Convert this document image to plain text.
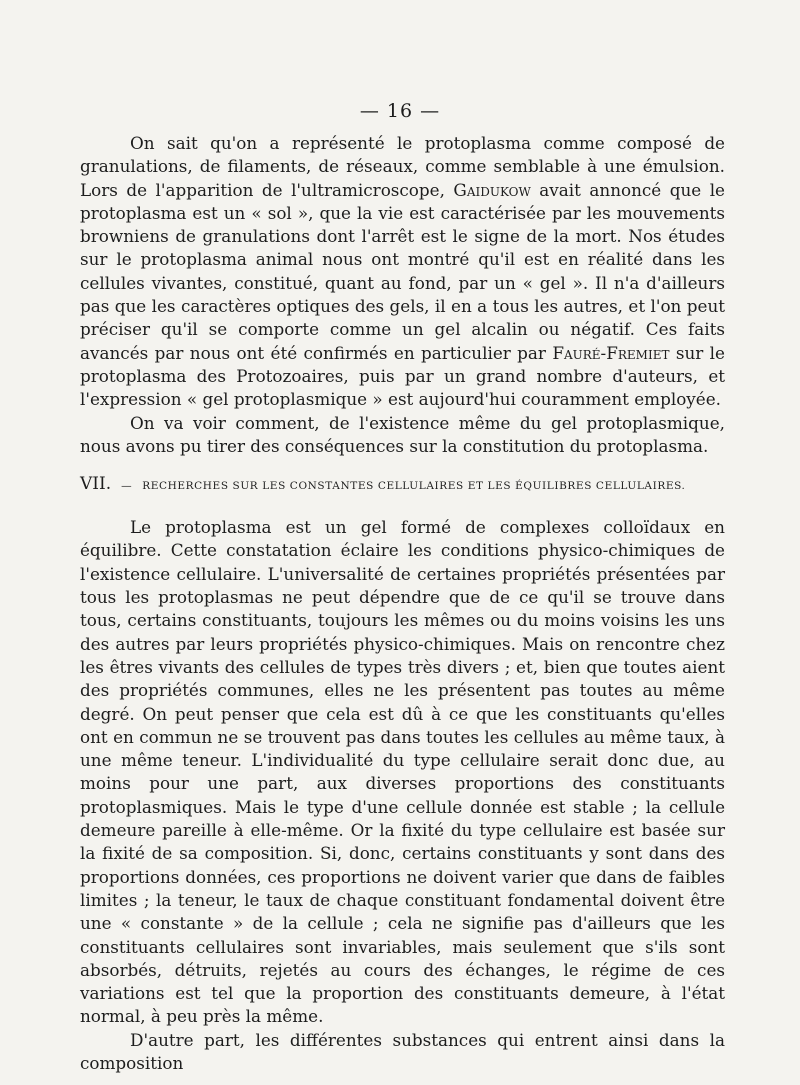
— 16 —

On sait qu'on a représenté le protoplasma comme composé de granulations, de filaments, de réseaux, comme semblable à une émulsion. Lors de l'apparition de l'ultramicroscope, Gaidukow avait annoncé que le protoplasma est un « sol », que la vie est caractérisée par les mouvements browniens de granulations dont l'arrêt est le signe de la mort. Nos études sur le protoplasma animal nous ont montré qu'il est en réalité dans les cellules vivantes, constitué, quant au fond, par un « gel ». Il n'a d'ailleurs pas que les caractères optiques des gels, il en a tous les autres, et l'on peut préciser qu'il se comporte comme un gel alcalin ou négatif. Ces faits avancés par nous ont été confirmés en particulier par Fauré-Fremiet sur le protoplasma des Protozoaires, puis par un grand nombre d'auteurs, et l'expression « gel protoplasmique » est aujourd'hui couramment employée.

On va voir comment, de l'existence même du gel protoplasmique, nous avons pu tirer des conséquences sur la constitution du protoplasma.

VII. — RECHERCHES SUR LES CONSTANTES CELLULAIRES ET LES ÉQUILIBRES CELLULAIRES.

Le protoplasma est un gel formé de complexes colloïdaux en équilibre. Cette constatation éclaire les conditions physico-chimiques de l'existence cellulaire. L'universalité de certaines propriétés présentées par tous les protoplasmas ne peut dépendre que de ce qu'il se trouve dans tous, certains constituants, toujours les mêmes ou du moins voisins les uns des autres par leurs propriétés physico-chimiques. Mais on rencontre chez les êtres vivants des cellules de types très divers ; et, bien que toutes aient des propriétés communes, elles ne les présentent pas toutes au même degré. On peut penser que cela est dû à ce que les constituants qu'elles ont en commun ne se trouvent pas dans toutes les cellules au même taux, à une même teneur. L'individualité du type cellulaire serait donc due, au moins pour une part, aux diverses proportions des constituants protoplasmiques. Mais le type d'une cellule donnée est stable ; la cellule demeure pareille à elle-même. Or la fixité du type cellulaire est basée sur la fixité de sa composition. Si, donc, certains constituants y sont dans des proportions données, ces proportions ne doivent varier que dans de faibles limites ; la teneur, le taux de chaque constituant fondamental doivent être une « constante » de la cellule ; cela ne signifie pas d'ailleurs que les constituants cellulaires sont invariables, mais seulement que s'ils sont absorbés, détruits, rejetés au cours des échanges, le régime de ces variations est tel que la proportion des constituants demeure, à l'état normal, à peu près la même.

D'autre part, les différentes substances qui entrent ainsi dans la composition
